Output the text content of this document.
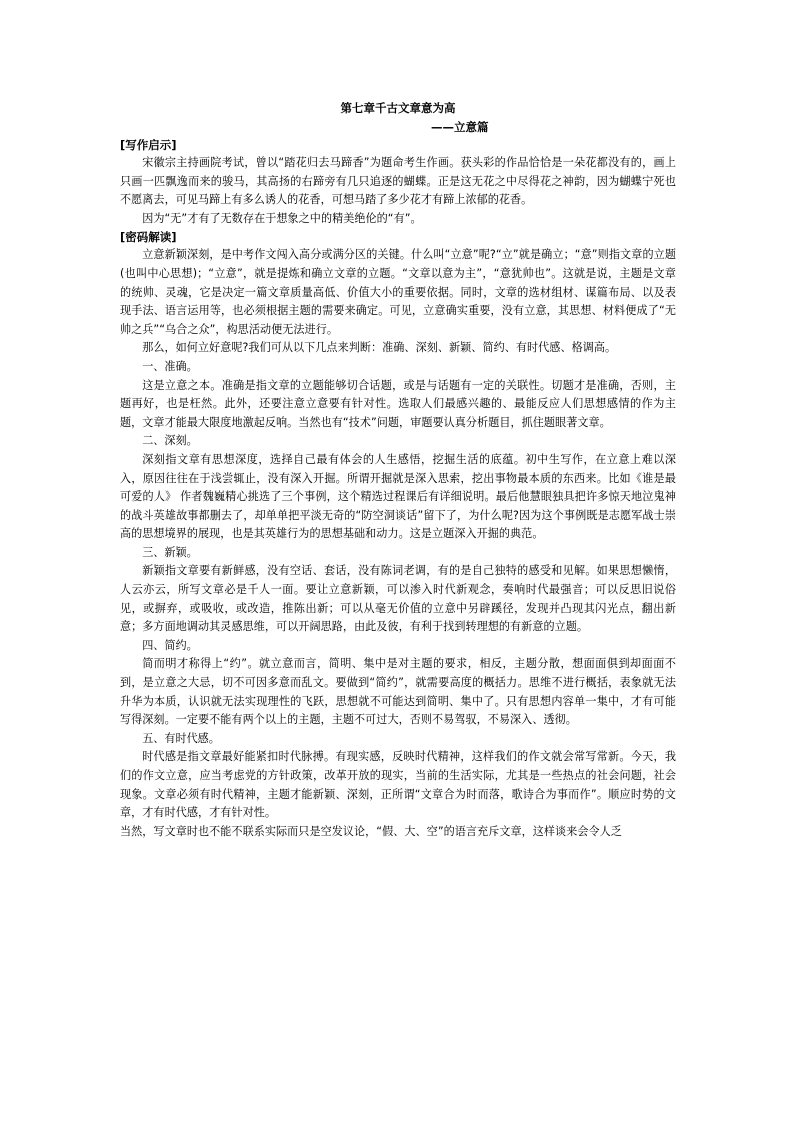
第七章千古文章意为高

——立意篇

[写作启示]

宋徽宗主持画院考试，曾以“踏花归去马蹄香”为题命考生作画。获头彩的作品恰恰是一朵花都没有的，画上只画一匹飘逸而来的骏马，其高扬的右蹄旁有几只追逐的蝴蝶。正是这无花之中尽得花之神韵，因为蝴蝶宁死也不愿离去，可见马蹄上有多么诱人的花香，可想马踏了多少花才有蹄上浓郁的花香。

因为“无”才有了无数存在于想象之中的精美绝伦的“有”。

[密码解读]

立意新颖深刻，是中考作文闯入高分或满分区的关键。什么叫“立意”呢?“立”就是确立；“意”则指文章的立题(也叫中心思想)；“立意”，就是提炼和确立文章的立题。“文章以意为主”，“意犹帅也”。这就是说，主题是文章的统帅、灵魂，它是决定一篇文章质量高低、价值大小的重要依据。同时，文章的选材组材、谋篇布局、以及表现手法、语言运用等，也必须根据主题的需要来确定。可见，立意确实重要，没有立意，其思想、材料便成了“无帅之兵”“乌合之众”，构思活动便无法进行。

那么，如何立好意呢?我们可从以下几点来判断：准确、深刻、新颖、简约、有时代感、格调高。

一、准确。

这是立意之本。准确是指文章的立题能够切合话题，或是与话题有一定的关联性。切题才是准确，否则，主题再好，也是枉然。此外，还要注意立意要有针对性。选取人们最感兴趣的、最能反应人们思想感情的作为主题，文章才能最大限度地激起反响。当然也有“技术”问题，审题要认真分析题目，抓住题眼著文章。

二、深刻。

深刻指文章有思想深度，选择自己最有体会的人生感悟，挖掘生活的底蕴。初中生写作，在立意上难以深入，原因往往在于浅尝辄止，没有深入开掘。所谓开掘就是深入思索，挖出事物最本质的东西来。比如《谁是最可爱的人》 作者魏巍精心挑选了三个事例，这个精选过程课后有详细说明。最后他慧眼独具把许多惊天地泣鬼神的战斗英雄故事都删去了，却单单把平淡无奇的“防空洞谈话”留下了，为什么呢?因为这个事例既是志愿军战士崇高的思想境界的展现，也是其英雄行为的思想基础和动力。这是立题深入开掘的典范。

三、新颖。

新颖指文章要有新鲜感，没有空话、套话，没有陈词老调，有的是自己独特的感受和见解。如果思想懒惰，人云亦云，所写文章必是千人一面。要让立意新颖，可以渗入时代新观念，奏响时代最强音；可以反思旧说俗见，或摒弃，或吸收，或改造，推陈出新；可以从毫无价值的立意中另辟蹊径，发现并凸现其闪光点，翻出新意；多方面地调动其灵感思维，可以开阔思路，由此及彼，有利于找到转理想的有新意的立题。

四、简约。

简而明才称得上“约”。就立意而言，简明、集中是对主题的要求，相反，主题分散，想面面俱到却面面不到，是立意之大忌，切不可因多意而乱文。要做到“简约”，就需要高度的概括力。思维不进行概括，表象就无法升华为本质，认识就无法实现理性的飞跃，思想就不可能达到简明、集中了。只有思想内容单一集中，才有可能写得深刻。一定要不能有两个以上的主题，主题不可过大，否则不易驾驭，不易深入、透彻。

五、有时代感。

时代感是指文章最好能紧扣时代脉搏。有现实感，反映时代精神，这样我们的作文就会常写常新。今天，我们的作文立意，应当考虑党的方针政策，改革开放的现实，当前的生活实际，尤其是一些热点的社会问题，社会现象。文章必须有时代精神，主题才能新颖、深刻，正所谓“文章合为时而落，歌诗合为事而作”。顺应时势的文章，才有时代感，才有针对性。

当然，写文章时也不能不联系实际而只是空发议论，“假、大、空”的语言充斥文章，这样谈来会令人乏
